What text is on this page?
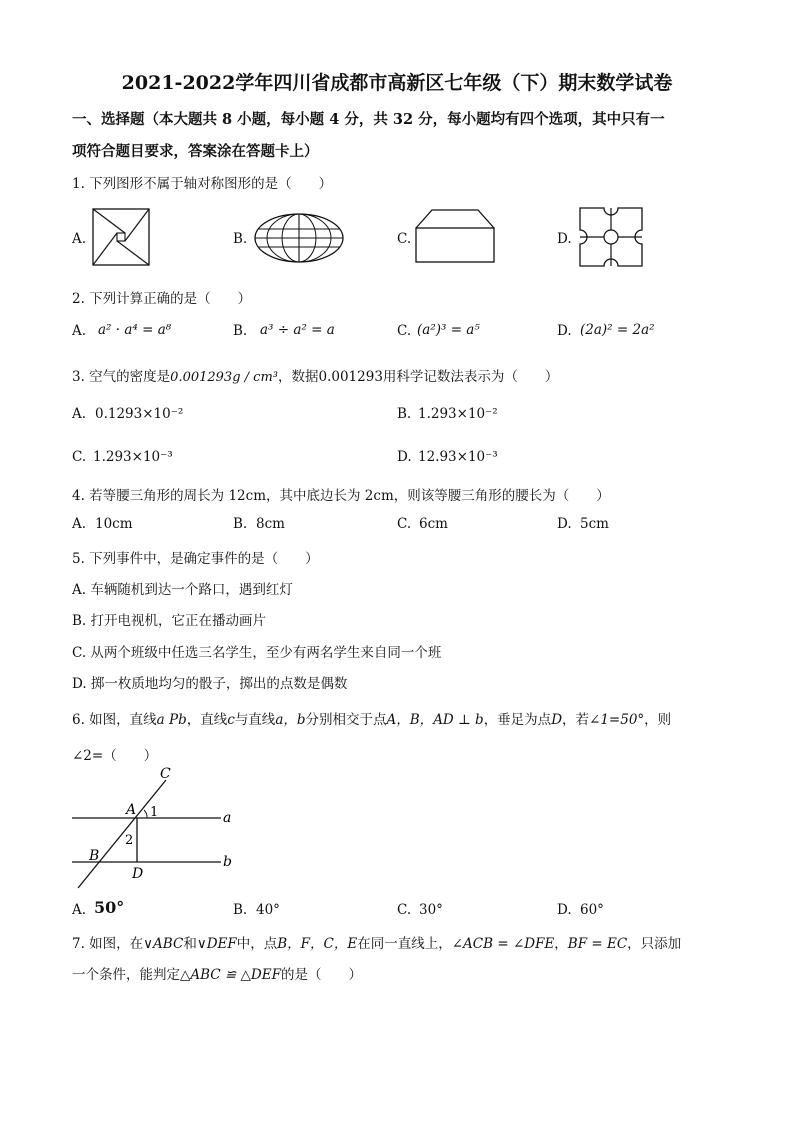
2021-2022学年四川省成都市高新区七年级（下）期末数学试卷
一、选择题（本大题共 8 小题，每小题 4 分，共 32 分，每小题均有四个选项，其中只有一
项符合题目要求，答案涂在答题卡上）
1. 下列图形不属于轴对称图形的是（　　）
A.	B.	C.	D.
2. 下列计算正确的是（　　）
A. a² · a⁴ = a⁸	B. a³ ÷ a² = a	C. (a²)³ = a⁵	D. (2a)² = 2a²
3. 空气的密度是0.001293g / cm³，数据0.001293用科学记数法表示为（　　）
A. 0.1293×10⁻²	B. 1.293×10⁻²
C. 1.293×10⁻³	D. 12.93×10⁻³
4. 若等腰三角形的周长为 12cm，其中底边长为 2cm，则该等腰三角形的腰长为（　　）
A. 10cm	B. 8cm	C. 6cm	D. 5cm
5. 下列事件中，是确定事件的是（　　）
A. 车辆随机到达一个路口，遇到红灯
B. 打开电视机，它正在播动画片
C. 从两个班级中任选三名学生，至少有两名学生来自同一个班
D. 掷一枚质地均匀的骰子，掷出的点数是偶数
6. 如图，直线a Pb，直线c与直线a，b分别相交于点A，B，AD ⊥ b，垂足为点D，若∠1=50°，则
∠2=（　　）
C
A 1
2
a
B	b
D
A. 50°	B. 40°	C. 30°	D. 60°
7. 如图，在∨ABC和∨DEF中，点B，F，C，E在同一直线上，∠ACB = ∠DFE，BF = EC，只添加
一个条件，能判定△ABC ≌ △DEF的是（　　）
